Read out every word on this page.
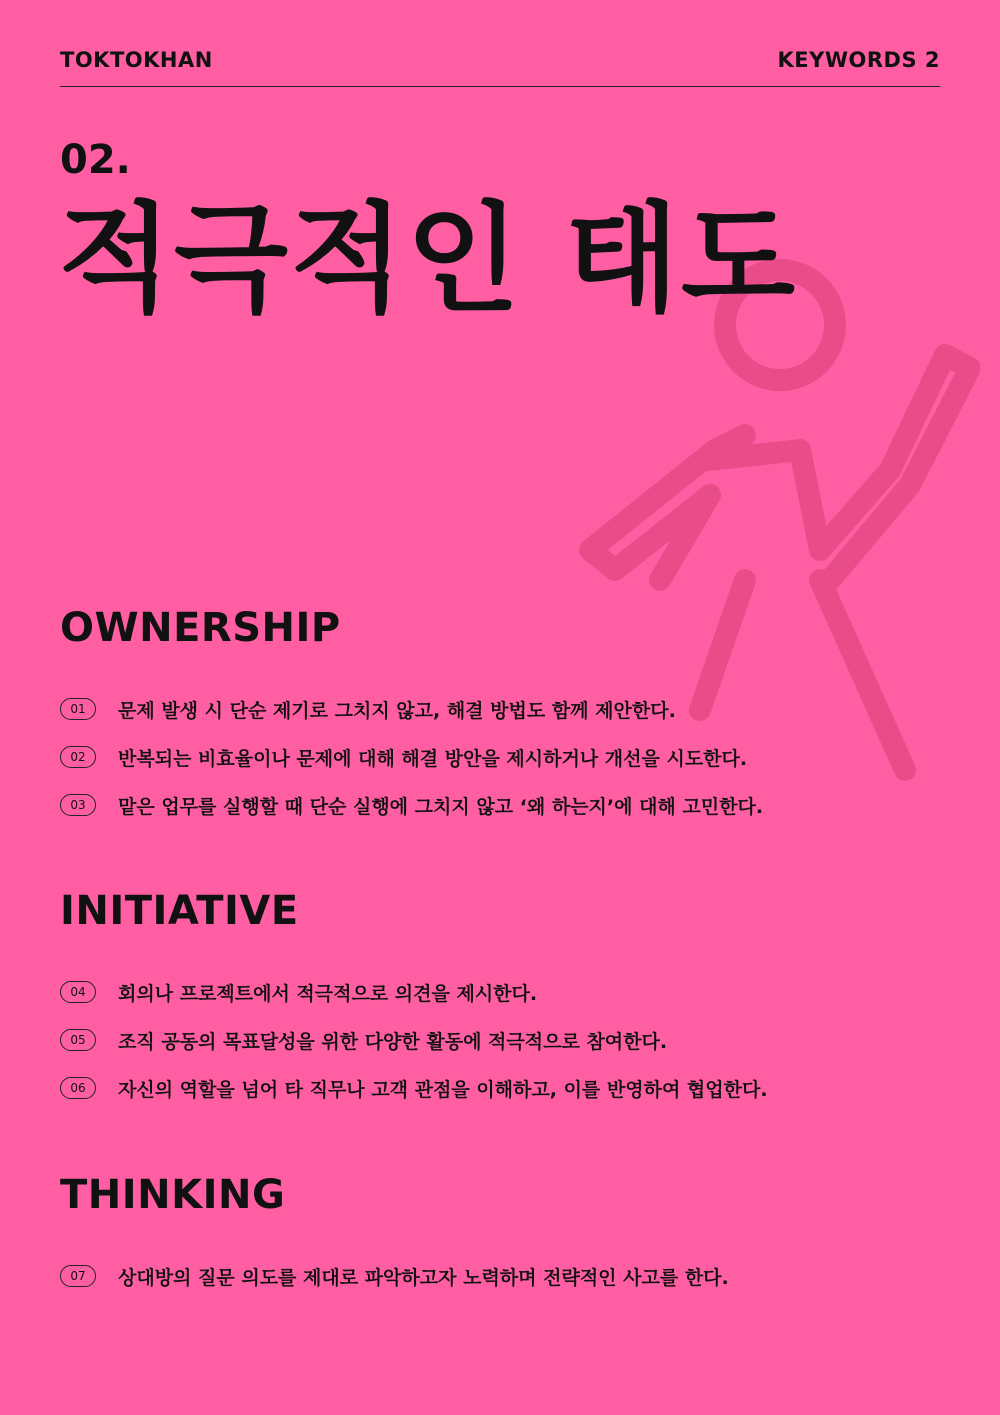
TOKTOKHAN	KEYWORDS 2
02.
적극적인 태도
OWNERSHIP
01	문제 발생 시 단순 제기로 그치지 않고, 해결 방법도 함께 제안한다.
02	반복되는 비효율이나 문제에 대해 해결 방안을 제시하거나 개선을 시도한다.
03	맡은 업무를 실행할 때 단순 실행에 그치지 않고 ‘왜 하는지’에 대해 고민한다.
INITIATIVE
04	회의나 프로젝트에서 적극적으로 의견을 제시한다.
05	조직 공동의 목표달성을 위한 다양한 활동에 적극적으로 참여한다.
06	자신의 역할을 넘어 타 직무나 고객 관점을 이해하고, 이를 반영하여 협업한다.
THINKING
07	상대방의 질문 의도를 제대로 파악하고자 노력하며 전략적인 사고를 한다.
